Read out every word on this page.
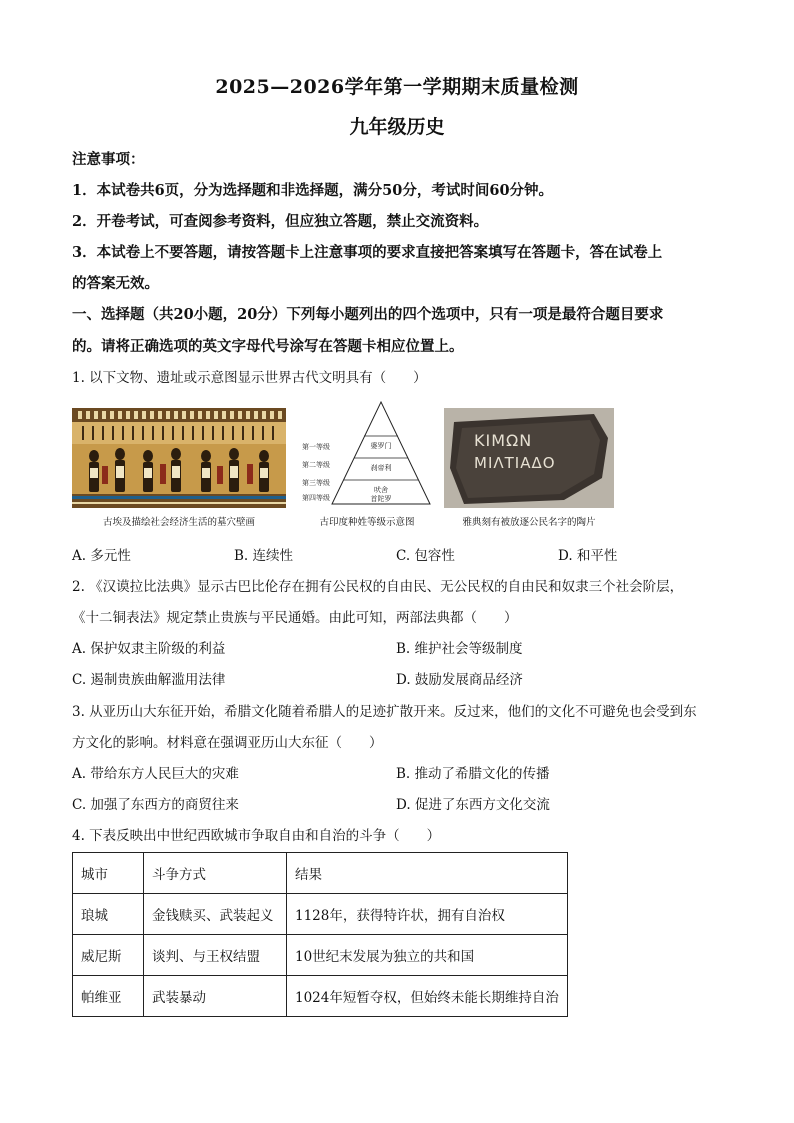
2025—2026学年第一学期期末质量检测
九年级历史
注意事项：
1．本试卷共6页，分为选择题和非选择题，满分50分，考试时间60分钟。
2．开卷考试，可查阅参考资料，但应独立答题，禁止交流资料。
3．本试卷上不要答题，请按答题卡上注意事项的要求直接把答案填写在答题卡，答在试卷上
的答案无效。
一、选择题（共20小题，20分）下列每小题列出的四个选项中，只有一项是最符合题目要求
的。请将正确选项的英文字母代号涂写在答题卡相应位置上。
1. 以下文物、遗址或示意图显示世界古代文明具有（　　）
古埃及描绘社会经济生活的墓穴壁画
第一等级
第二等级
第三等级
第四等级
婆罗门
刹帝利
吠舍
首陀罗
古印度种姓等级示意图
ΚΙΜΩΝ
ΜΙΛΤΙΑΔΟ
雅典刻有被放逐公民名字的陶片
A. 多元性	B. 连续性	C. 包容性	D. 和平性
2. 《汉谟拉比法典》显示古巴比伦存在拥有公民权的自由民、无公民权的自由民和奴隶三个社会阶层，
《十二铜表法》规定禁止贵族与平民通婚。由此可知，两部法典都（　　）
A. 保护奴隶主阶级的利益	B. 维护社会等级制度
C. 遏制贵族曲解滥用法律	D. 鼓励发展商品经济
3. 从亚历山大东征开始，希腊文化随着希腊人的足迹扩散开来。反过来，他们的文化不可避免也会受到东
方文化的影响。材料意在强调亚历山大东征（　　）
A. 带给东方人民巨大的灾难	B. 推动了希腊文化的传播
C. 加强了东西方的商贸往来	D. 促进了东西方文化交流
4. 下表反映出中世纪西欧城市争取自由和自治的斗争（　　）
城市	斗争方式	结果
琅城	金钱赎买、武装起义	1128年，获得特许状，拥有自治权
威尼斯	谈判、与王权结盟	10世纪末发展为独立的共和国
帕维亚	武装暴动	1024年短暂夺权，但始终未能长期维持自治
